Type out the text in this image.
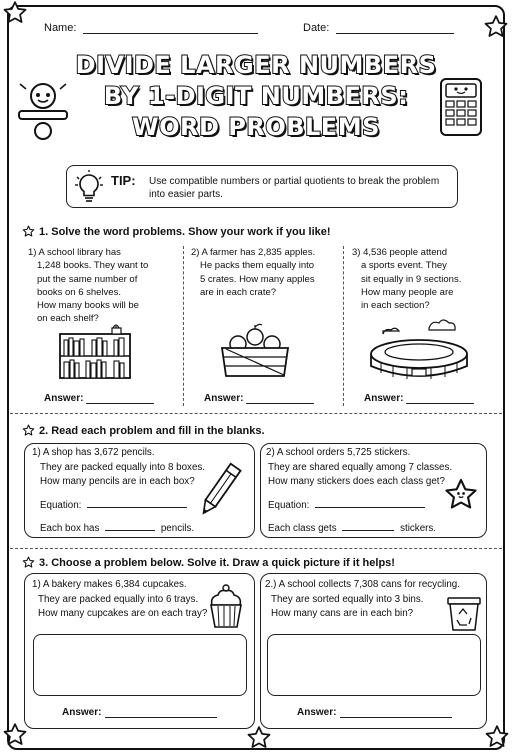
Name:	Date:
DIVIDE LARGER NUMBERS
BY 1-DIGIT NUMBERS:
WORD PROBLEMS
TIP: Use compatible numbers or partial quotients to break the problem into easier parts.
1. Solve the word problems. Show your work if you like!
1) A school library has
1,248 books. They want to
put the same number of
books on 6 shelves.
How many books will be
on each shelf?
2) A farmer has 2,835 apples.
He packs them equally into
5 crates. How many apples
are in each crate?
3) 4,536 people attend
a sports event. They
sit equally in 9 sections.
How many people are
in each section?
Answer:	Answer:	Answer:
2. Read each problem and fill in the blanks.
1) A shop has 3,672 pencils.
They are packed equally into 8 boxes.
How many pencils are in each box?
Equation:
Each box has	pencils.
2) A school orders 5,725 stickers.
They are shared equally among 7 classes.
How many stickers does each class get?
Equation:
Each class gets	stickers.
3. Choose a problem below. Solve it. Draw a quick picture if it helps!
1) A bakery makes 6,384 cupcakes.
They are packed equally into 6 trays.
How many cupcakes are on each tray?
Answer:
2.) A school collects 7,308 cans for recycling.
They are sorted equally into 3 bins.
How many cans are in each bin?
Answer:
